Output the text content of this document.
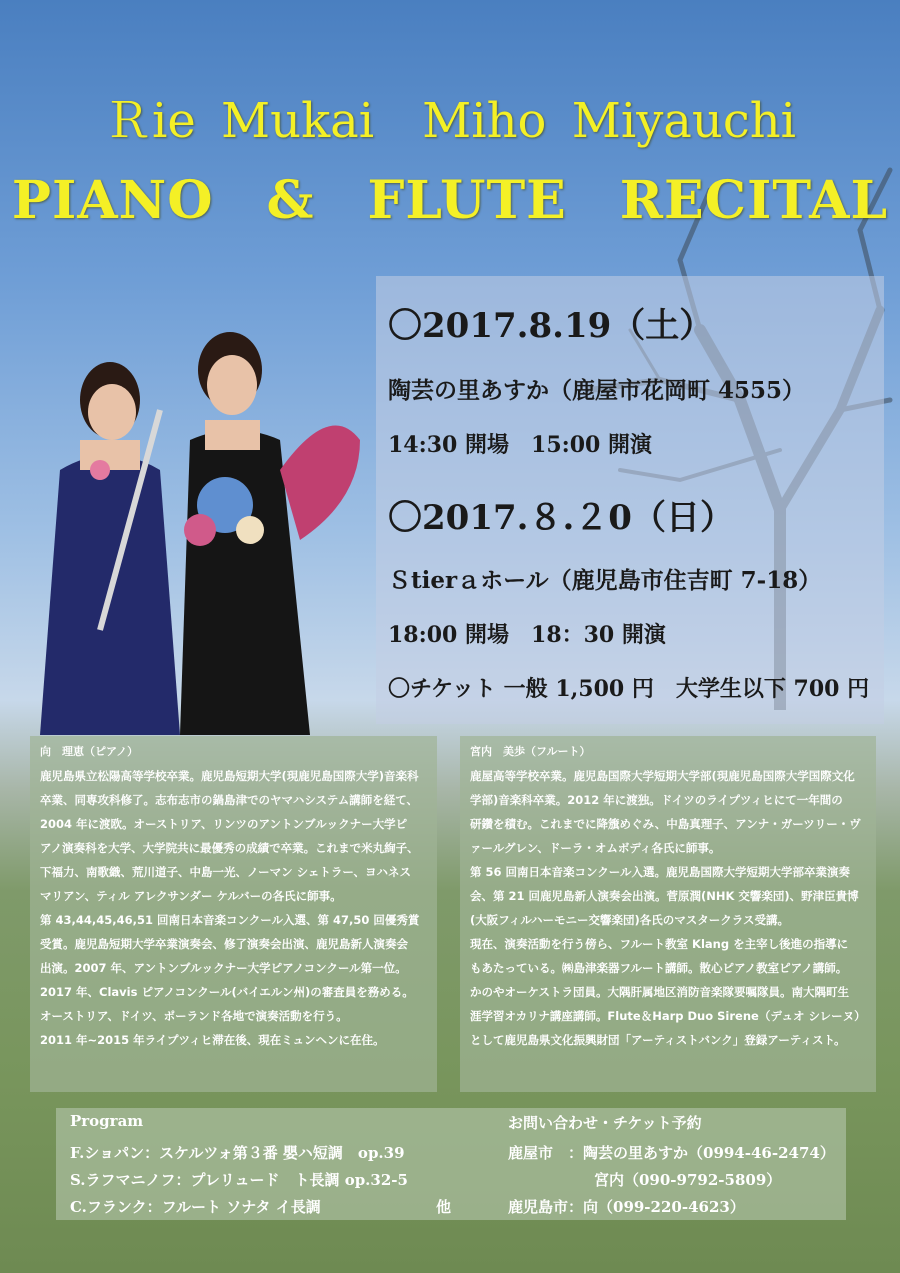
Ｒie Mukai　Miho Miyauchi
PIANO　&　FLUTE　RECITAL
〇2017.8.19（土）
陶芸の里あすか（鹿屋市花岡町 4555）
14:30 開場　15:00 開演
〇2017.８.２0（日）
Ｓtierａホール（鹿児島市住吉町 7-18）
18:00 開場　18：30 開演
〇チケット 一般 1,500 円　大学生以下 700 円

向　理恵（ピアノ）

鹿児島県立松陽高等学校卒業。鹿児島短期大学(現鹿児島国際大学)音楽科

卒業、同専攻科修了。志布志市の鍋島津でのヤマハシステム講師を経て、

2004 年に渡欧。オーストリア、リンツのアントンブルックナー大学ピ

アノ演奏科を大学、大学院共に最優秀の成績で卒業。これまで米丸絢子、

下福力、南歌織、荒川道子、中島一光、ノーマン シェトラー、ヨハネス

マリアン、ティル アレクサンダー ケルバーの各氏に師事。

第 43,44,45,46,51 回南日本音楽コンクール入選、第 47,50 回優秀賞

受賞。鹿児島短期大学卒業演奏会、修了演奏会出演、鹿児島新人演奏会

出演。2007 年、アントンブルックナー大学ピアノコンクール第一位。

2017 年、Clavis ピアノコンクール(バイエルン州)の審査員を務める。

オーストリア、ドイツ、ポーランド各地で演奏活動を行う。

2011 年~2015 年ライプツィヒ滞在後、現在ミュンヘンに在住。

宮内　美歩（フルート）

鹿屋高等学校卒業。鹿児島国際大学短期大学部(現鹿児島国際大学国際文化

学部)音楽科卒業。2012 年に渡独。ドイツのライプツィヒにて一年間の

研鑽を積む。これまでに降籏めぐみ、中島真理子、アンナ・ガーツリー・ヴ

ァールグレン、ドーラ・オムボディ各氏に師事。

第 56 回南日本音楽コンクール入選。鹿児島国際大学短期大学部卒業演奏

会、第 21 回鹿児島新人演奏会出演。菅原潤(NHK 交響楽団)、野津臣貴博

(大阪フィルハーモニー交響楽団)各氏のマスタークラス受講。

現在、演奏活動を行う傍ら、フルート教室 Klang を主宰し後進の指導に

もあたっている。㈱島津楽器フルート講師。散心ピアノ教室ピアノ講師。

かのやオーケストラ団員。大隅肝属地区消防音楽隊要嘱隊員。南大隅町生

涯学習オカリナ講座講師。Flute＆Harp Duo Sirene（デュオ シレーヌ）

として鹿児島県文化振興財団「アーティストバンク」登録アーティスト。

Program
F.ショパン：スケルツォ第３番 嬰ハ短調　op.39
S.ラフマニノフ：プレリュード　ト長調 op.32-5
C.フランク：フルート ソナタ イ長調	他
お問い合わせ・チケット予約
鹿屋市　：陶芸の里あすか（0994-46-2474）
宮内（090-9792-5809）
鹿児島市：向（099-220-4623）
